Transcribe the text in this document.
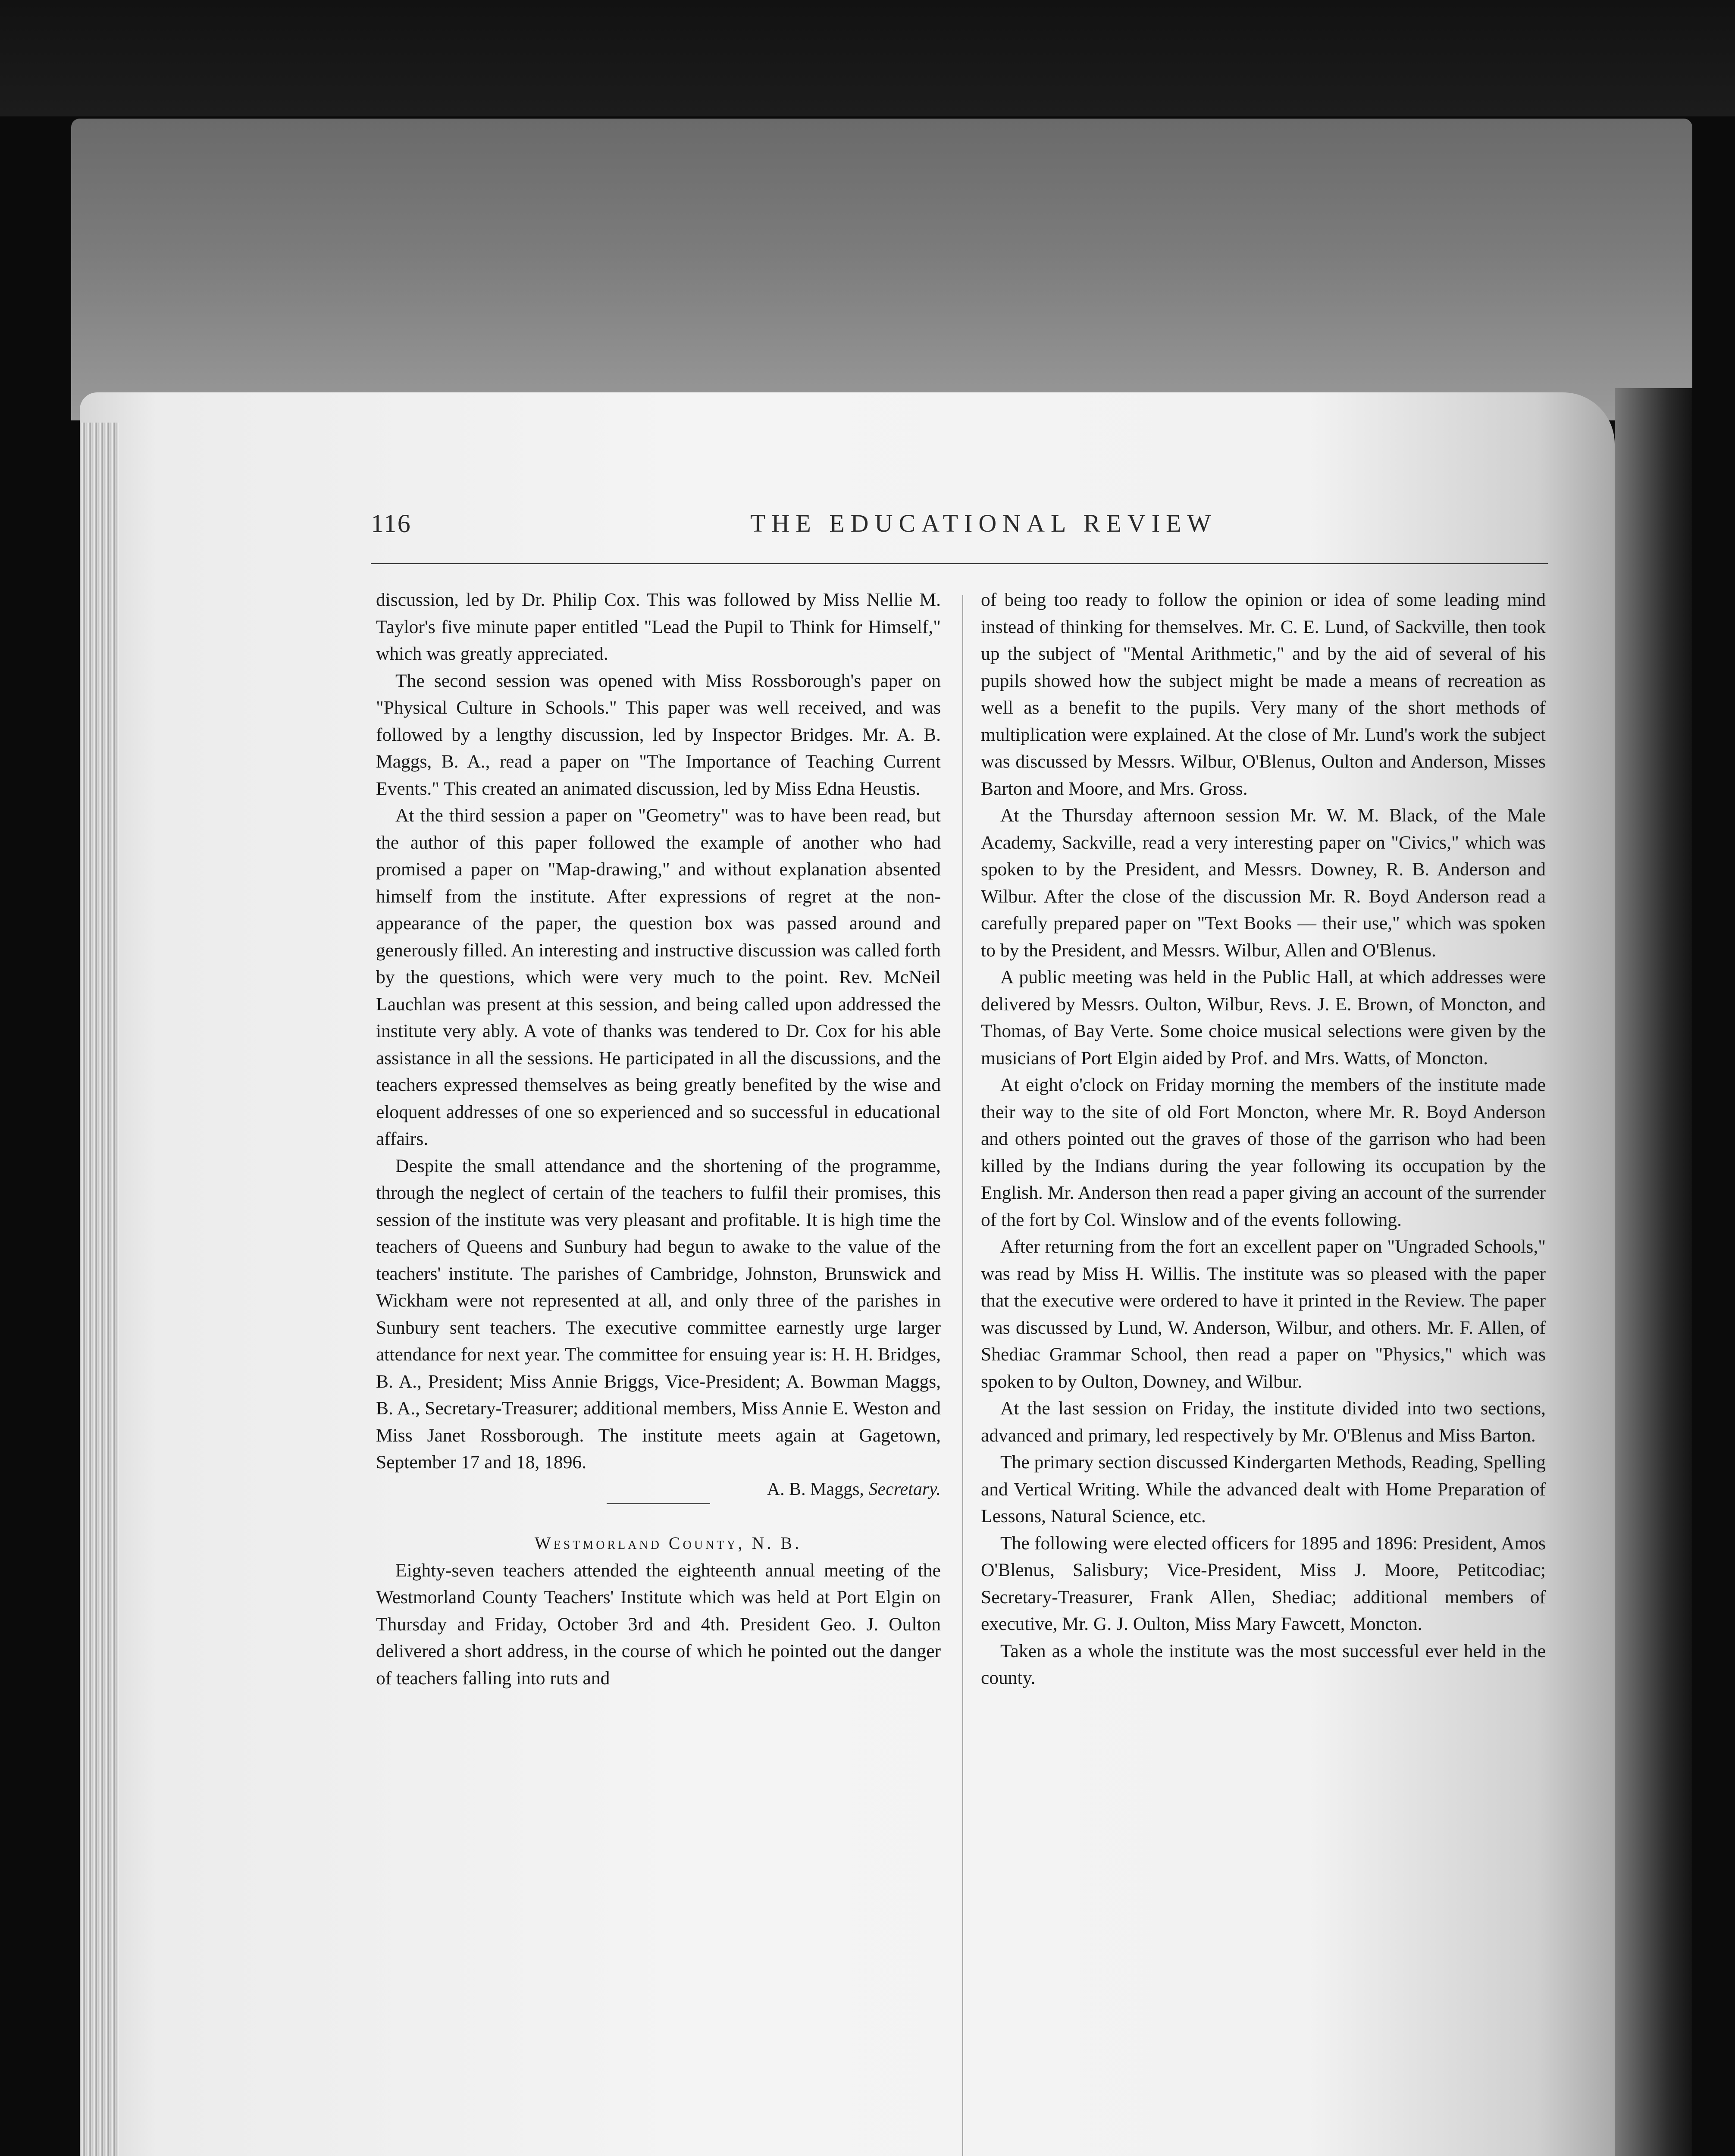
116	THE EDUCATIONAL REVIEW

discussion, led by Dr. Philip Cox. This was followed by Miss Nellie M. Taylor's five minute paper entitled "Lead the Pupil to Think for Himself," which was greatly appreciated.

The second session was opened with Miss Rossborough's paper on "Physical Culture in Schools." This paper was well received, and was followed by a lengthy discussion, led by Inspector Bridges. Mr. A. B. Maggs, B. A., read a paper on "The Importance of Teaching Current Events." This created an animated discussion, led by Miss Edna Heustis.

At the third session a paper on "Geometry" was to have been read, but the author of this paper followed the example of another who had promised a paper on "Map-drawing," and without explanation absented himself from the institute. After expressions of regret at the non-appearance of the paper, the question box was passed around and generously filled. An interesting and instructive discussion was called forth by the questions, which were very much to the point. Rev. McNeil Lauchlan was present at this session, and being called upon addressed the institute very ably. A vote of thanks was tendered to Dr. Cox for his able assistance in all the sessions. He participated in all the discussions, and the teachers expressed themselves as being greatly benefited by the wise and eloquent addresses of one so experienced and so successful in educational affairs.

Despite the small attendance and the shortening of the programme, through the neglect of certain of the teachers to fulfil their promises, this session of the institute was very pleasant and profitable. It is high time the teachers of Queens and Sunbury had begun to awake to the value of the teachers' institute. The parishes of Cambridge, Johnston, Brunswick and Wickham were not represented at all, and only three of the parishes in Sunbury sent teachers. The executive committee earnestly urge larger attendance for next year. The committee for ensuing year is: H. H. Bridges, B. A., President; Miss Annie Briggs, Vice-President; A. Bowman Maggs, B. A., Secretary-Treasurer; additional members, Miss Annie E. Weston and Miss Janet Rossborough. The institute meets again at Gagetown, September 17 and 18, 1896.

A. B. Maggs, Secretary.

Westmorland County, N. B.

Eighty-seven teachers attended the eighteenth annual meeting of the Westmorland County Teachers' Institute which was held at Port Elgin on Thursday and Friday, October 3rd and 4th. President Geo. J. Oulton delivered a short address, in the course of which he pointed out the danger of teachers falling into ruts and

of being too ready to follow the opinion or idea of some leading mind instead of thinking for themselves. Mr. C. E. Lund, of Sackville, then took up the subject of "Mental Arithmetic," and by the aid of several of his pupils showed how the subject might be made a means of recreation as well as a benefit to the pupils. Very many of the short methods of multiplication were explained. At the close of Mr. Lund's work the subject was discussed by Messrs. Wilbur, O'Blenus, Oulton and Anderson, Misses Barton and Moore, and Mrs. Gross.

At the Thursday afternoon session Mr. W. M. Black, of the Male Academy, Sackville, read a very interesting paper on "Civics," which was spoken to by the President, and Messrs. Downey, R. B. Anderson and Wilbur. After the close of the discussion Mr. R. Boyd Anderson read a carefully prepared paper on "Text Books — their use," which was spoken to by the President, and Messrs. Wilbur, Allen and O'Blenus.

A public meeting was held in the Public Hall, at which addresses were delivered by Messrs. Oulton, Wilbur, Revs. J. E. Brown, of Moncton, and Thomas, of Bay Verte. Some choice musical selections were given by the musicians of Port Elgin aided by Prof. and Mrs. Watts, of Moncton.

At eight o'clock on Friday morning the members of the institute made their way to the site of old Fort Moncton, where Mr. R. Boyd Anderson and others pointed out the graves of those of the garrison who had been killed by the Indians during the year following its occupation by the English. Mr. Anderson then read a paper giving an account of the surrender of the fort by Col. Winslow and of the events following.

After returning from the fort an excellent paper on "Ungraded Schools," was read by Miss H. Willis. The institute was so pleased with the paper that the executive were ordered to have it printed in the Review. The paper was discussed by Lund, W. Anderson, Wilbur, and others. Mr. F. Allen, of Shediac Grammar School, then read a paper on "Physics," which was spoken to by Oulton, Downey, and Wilbur.

At the last session on Friday, the institute divided into two sections, advanced and primary, led respectively by Mr. O'Blenus and Miss Barton.

The primary section discussed Kindergarten Methods, Reading, Spelling and Vertical Writing. While the advanced dealt with Home Preparation of Lessons, Natural Science, etc.

The following were elected officers for 1895 and 1896: President, Amos O'Blenus, Salisbury; Vice-President, Miss J. Moore, Petitcodiac; Secretary-Treasurer, Frank Allen, Shediac; additional members of executive, Mr. G. J. Oulton, Miss Mary Fawcett, Moncton.

Taken as a whole the institute was the most successful ever held in the county.
